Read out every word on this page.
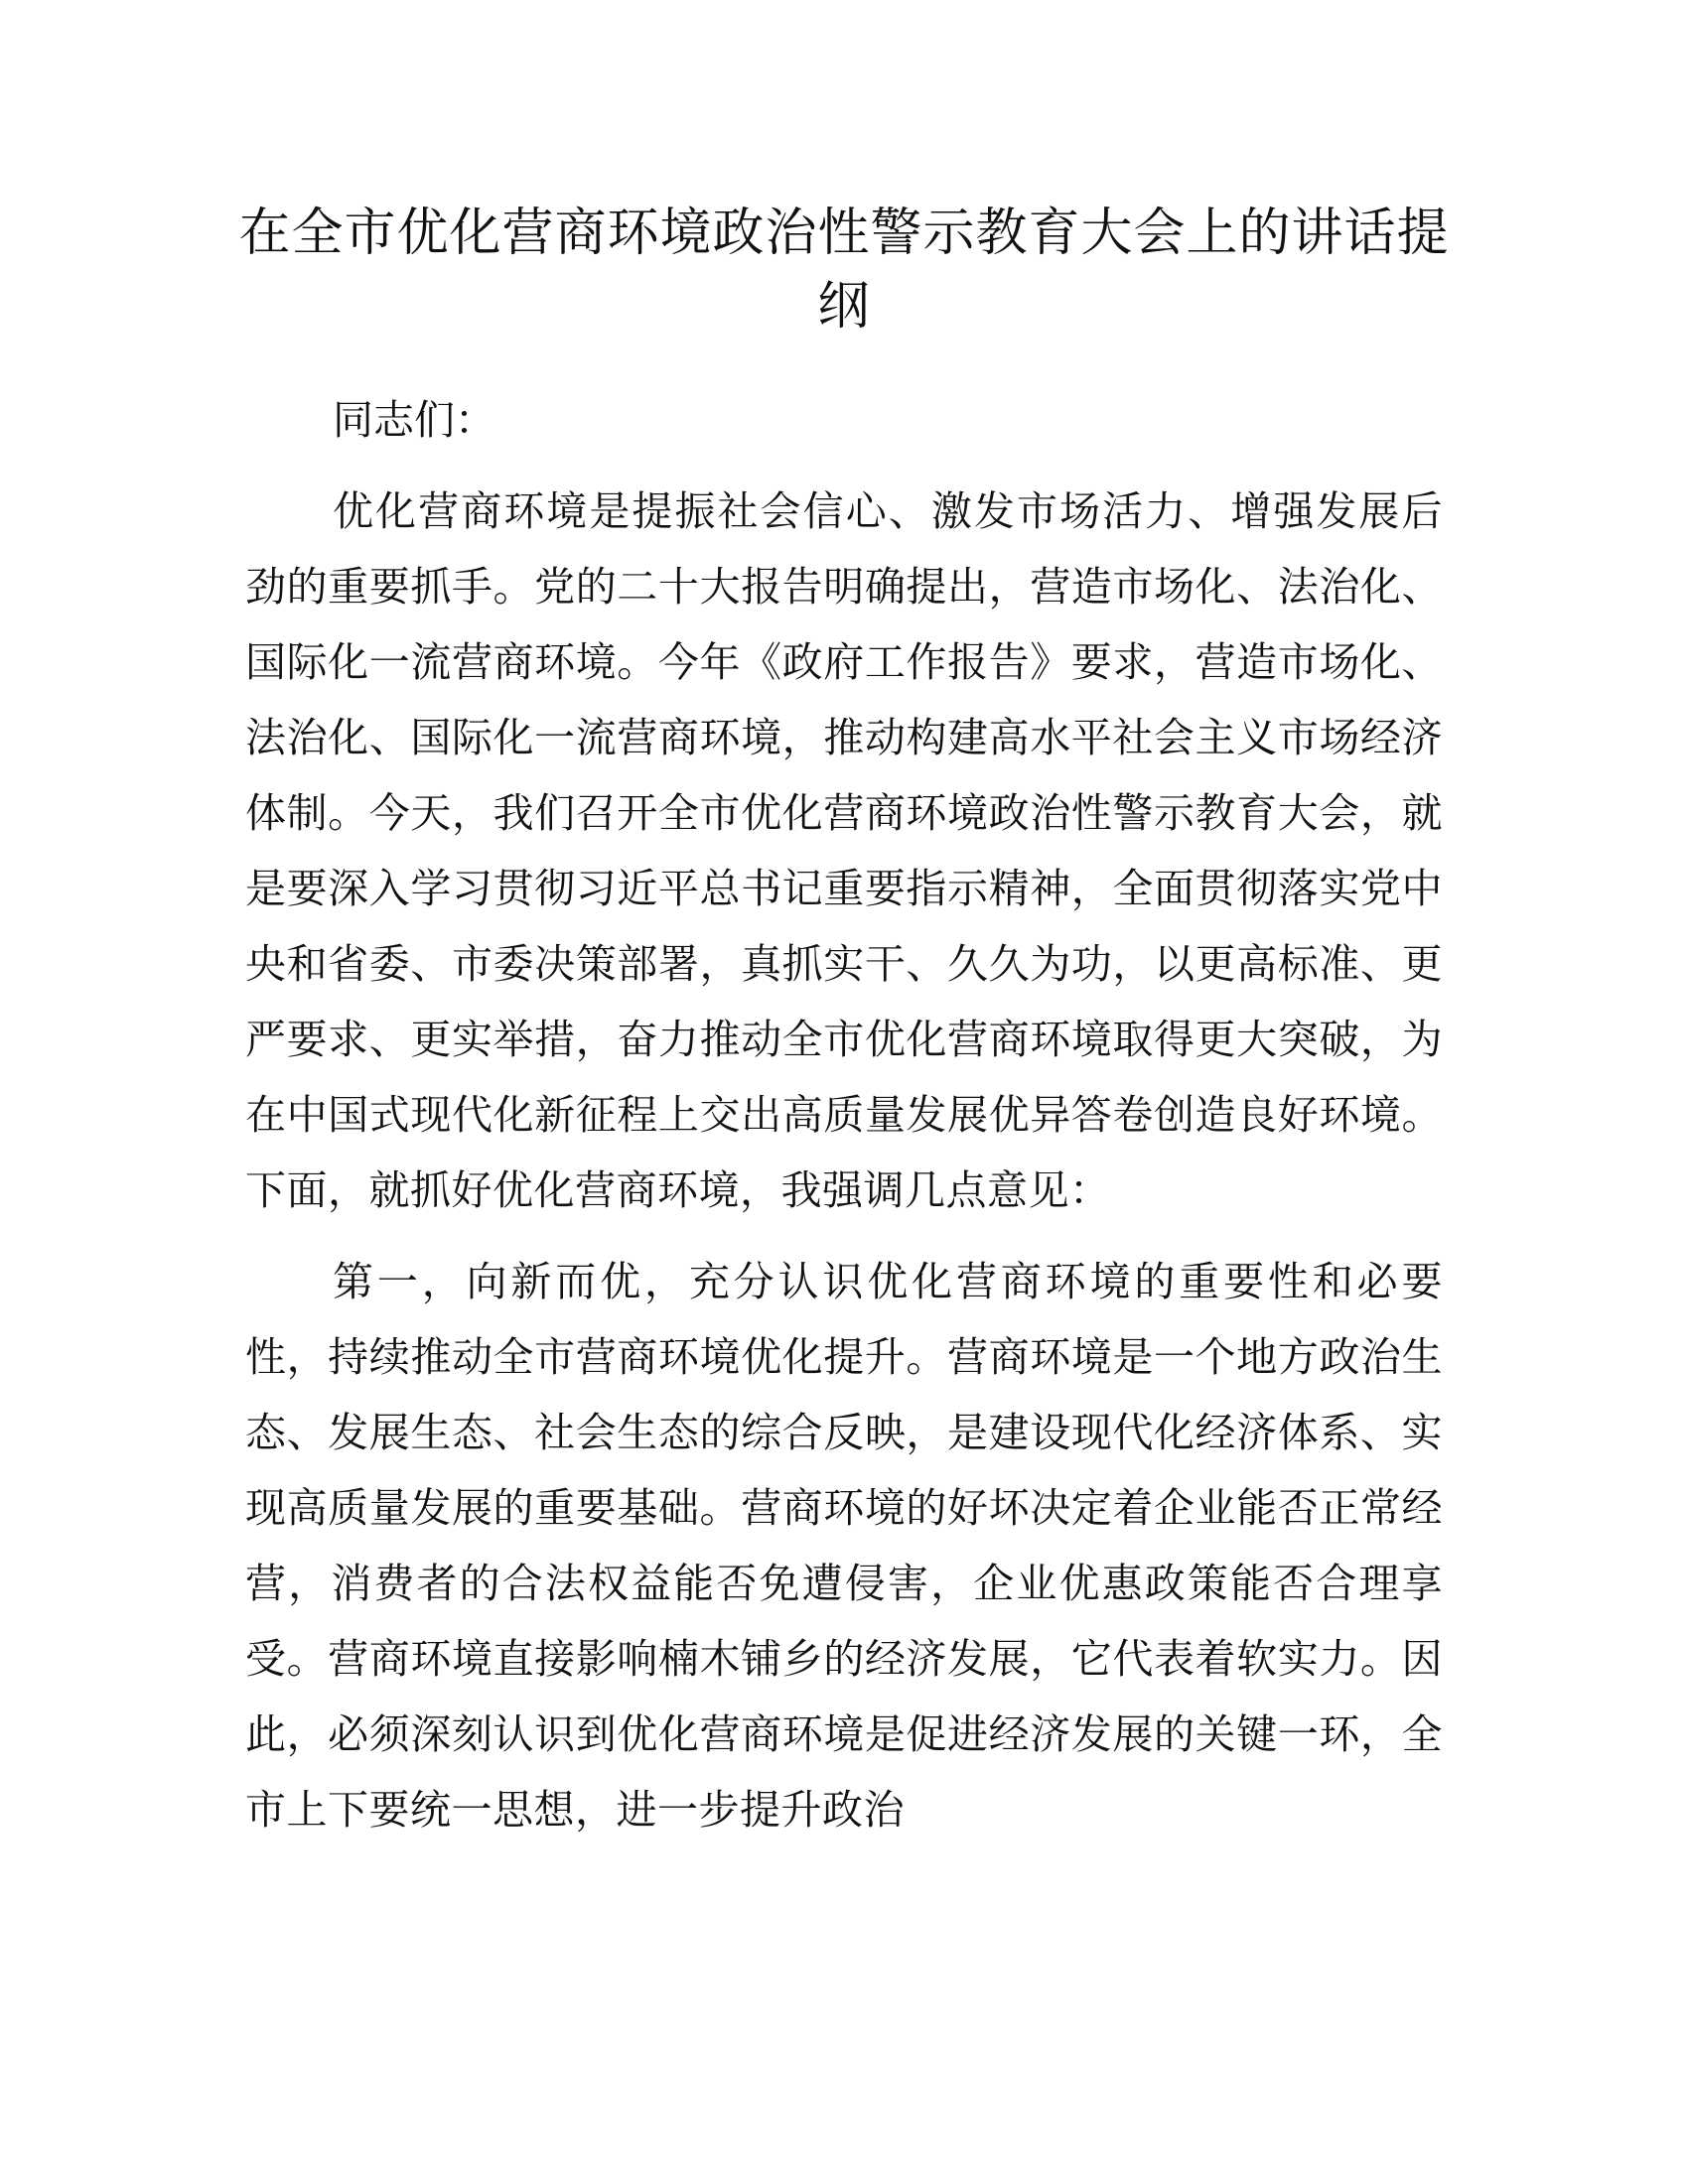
在全市优化营商环境政治性警示教育大会上的讲话提纲

同志们：

优化营商环境是提振社会信心、激发市场活力、增强发展后劲的重要抓手。党的二十大报告明确提出，营造市场化、法治化、国际化一流营商环境。今年《政府工作报告》要求，营造市场化、法治化、国际化一流营商环境，推动构建高水平社会主义市场经济体制。今天，我们召开全市优化营商环境政治性警示教育大会，就是要深入学习贯彻习近平总书记重要指示精神，全面贯彻落实党中央和省委、市委决策部署，真抓实干、久久为功，以更高标准、更严要求、更实举措，奋力推动全市优化营商环境取得更大突破，为在中国式现代化新征程上交出高质量发展优异答卷创造良好环境。下面，就抓好优化营商环境，我强调几点意见：

第一，向新而优，充分认识优化营商环境的重要性和必要性，持续推动全市营商环境优化提升。营商环境是一个地方政治生态、发展生态、社会生态的综合反映，是建设现代化经济体系、实现高质量发展的重要基础。营商环境的好坏决定着企业能否正常经营，消费者的合法权益能否免遭侵害，企业优惠政策能否合理享受。营商环境直接影响楠木铺乡的经济发展，它代表着软实力。因此，必须深刻认识到优化营商环境是促进经济发展的关键一环，全市上下要统一思想，进一步提升政治
